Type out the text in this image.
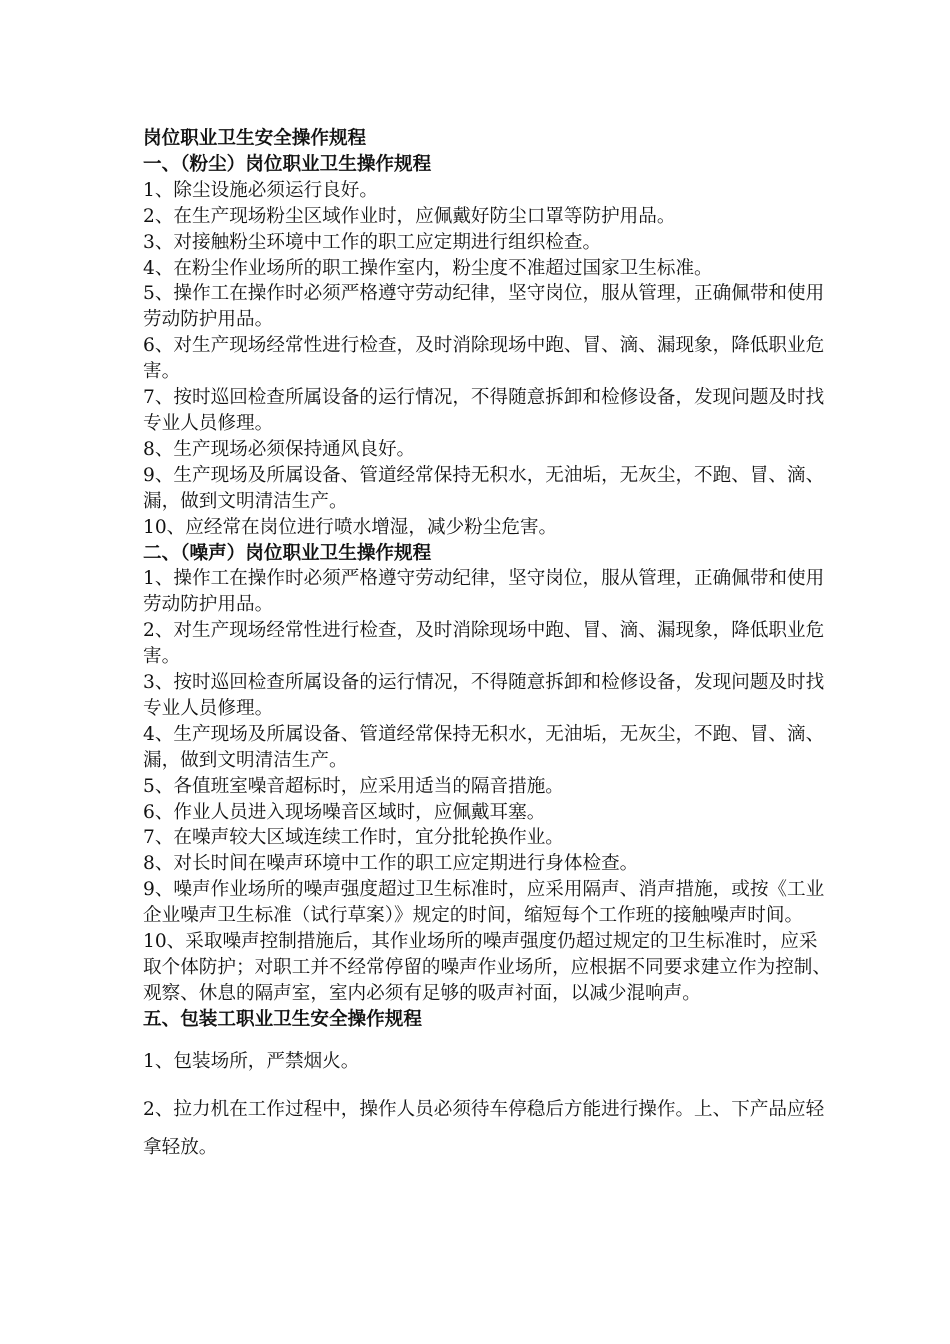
岗位职业卫生安全操作规程

一、（粉尘）岗位职业卫生操作规程

1、除尘设施必须运行良好。

2、在生产现场粉尘区域作业时，应佩戴好防尘口罩等防护用品。

3、对接触粉尘环境中工作的职工应定期进行组织检查。

4、在粉尘作业场所的职工操作室内，粉尘度不准超过国家卫生标准。

5、操作工在操作时必须严格遵守劳动纪律，坚守岗位，服从管理，正确佩带和使用劳动防护用品。

6、对生产现场经常性进行检查，及时消除现场中跑、冒、滴、漏现象，降低职业危害。

7、按时巡回检查所属设备的运行情况，不得随意拆卸和检修设备，发现问题及时找专业人员修理。

8、生产现场必须保持通风良好。

9、生产现场及所属设备、管道经常保持无积水，无油垢，无灰尘，不跑、冒、滴、漏，做到文明清洁生产。

10、应经常在岗位进行喷水增湿，减少粉尘危害。

二、（噪声）岗位职业卫生操作规程

1、操作工在操作时必须严格遵守劳动纪律，坚守岗位，服从管理，正确佩带和使用劳动防护用品。

2、对生产现场经常性进行检查，及时消除现场中跑、冒、滴、漏现象，降低职业危害。

3、按时巡回检查所属设备的运行情况，不得随意拆卸和检修设备，发现问题及时找专业人员修理。

4、生产现场及所属设备、管道经常保持无积水，无油垢，无灰尘，不跑、冒、滴、漏，做到文明清洁生产。

5、各值班室噪音超标时，应采用适当的隔音措施。

6、作业人员进入现场噪音区域时，应佩戴耳塞。

7、在噪声较大区域连续工作时，宜分批轮换作业。

8、对长时间在噪声环境中工作的职工应定期进行身体检查。

9、噪声作业场所的噪声强度超过卫生标准时，应采用隔声、消声措施，或按《工业企业噪声卫生标准（试行草案）》规定的时间，缩短每个工作班的接触噪声时间。

10、采取噪声控制措施后，其作业场所的噪声强度仍超过规定的卫生标准时，应采取个体防护；对职工并不经常停留的噪声作业场所，应根据不同要求建立作为控制、观察、休息的隔声室，室内必须有足够的吸声衬面，以减少混响声。

五、包装工职业卫生安全操作规程

1、包装场所，严禁烟火。

2、拉力机在工作过程中，操作人员必须待车停稳后方能进行操作。上、下产品应轻拿轻放。
